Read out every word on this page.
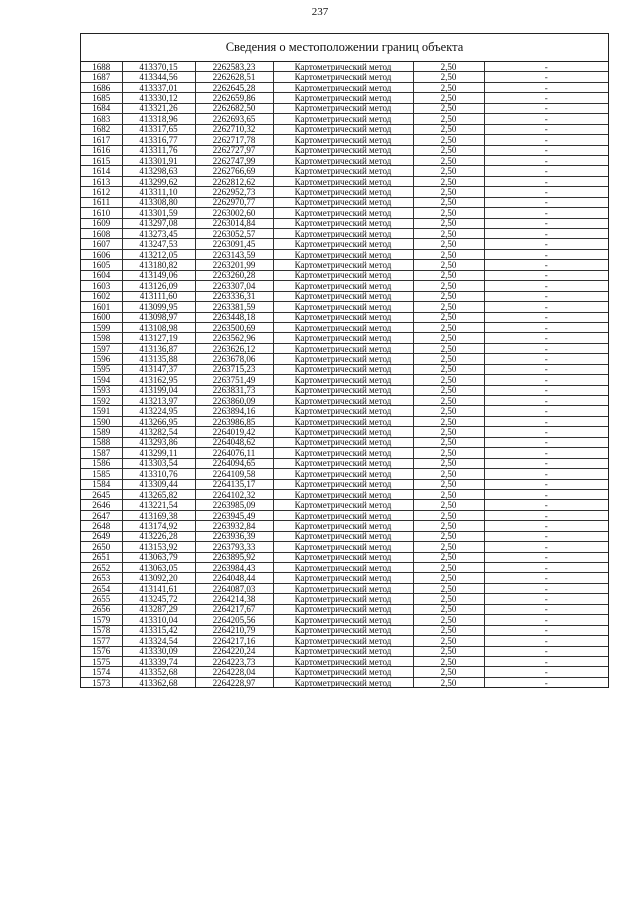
237
Сведения о местоположении границ объекта
1688	413370,15	2262583,23	Картометрический метод	2,50	-
1687	413344,56	2262628,51	Картометрический метод	2,50	-
1686	413337,01	2262645,28	Картометрический метод	2,50	-
1685	413330,12	2262659,86	Картометрический метод	2,50	-
1684	413321,26	2262682,50	Картометрический метод	2,50	-
1683	413318,96	2262693,65	Картометрический метод	2,50	-
1682	413317,65	2262710,32	Картометрический метод	2,50	-
1617	413316,77	2262717,78	Картометрический метод	2,50	-
1616	413311,76	2262727,97	Картометрический метод	2,50	-
1615	413301,91	2262747,99	Картометрический метод	2,50	-
1614	413298,63	2262766,69	Картометрический метод	2,50	-
1613	413299,62	2262812,62	Картометрический метод	2,50	-
1612	413311,10	2262952,73	Картометрический метод	2,50	-
1611	413308,80	2262970,77	Картометрический метод	2,50	-
1610	413301,59	2263002,60	Картометрический метод	2,50	-
1609	413297,08	2263014,84	Картометрический метод	2,50	-
1608	413273,45	2263052,57	Картометрический метод	2,50	-
1607	413247,53	2263091,45	Картометрический метод	2,50	-
1606	413212,05	2263143,59	Картометрический метод	2,50	-
1605	413180,82	2263201,99	Картометрический метод	2,50	-
1604	413149,06	2263260,28	Картометрический метод	2,50	-
1603	413126,09	2263307,04	Картометрический метод	2,50	-
1602	413111,60	2263336,31	Картометрический метод	2,50	-
1601	413099,95	2263381,59	Картометрический метод	2,50	-
1600	413098,97	2263448,18	Картометрический метод	2,50	-
1599	413108,98	2263500,69	Картометрический метод	2,50	-
1598	413127,19	2263562,96	Картометрический метод	2,50	-
1597	413136,87	2263626,12	Картометрический метод	2,50	-
1596	413135,88	2263678,06	Картометрический метод	2,50	-
1595	413147,37	2263715,23	Картометрический метод	2,50	-
1594	413162,95	2263751,49	Картометрический метод	2,50	-
1593	413199,04	2263831,73	Картометрический метод	2,50	-
1592	413213,97	2263860,09	Картометрический метод	2,50	-
1591	413224,95	2263894,16	Картометрический метод	2,50	-
1590	413266,95	2263986,85	Картометрический метод	2,50	-
1589	413282,54	2264019,42	Картометрический метод	2,50	-
1588	413293,86	2264048,62	Картометрический метод	2,50	-
1587	413299,11	2264076,11	Картометрический метод	2,50	-
1586	413303,54	2264094,65	Картометрический метод	2,50	-
1585	413310,76	2264109,58	Картометрический метод	2,50	-
1584	413309,44	2264135,17	Картометрический метод	2,50	-
2645	413265,82	2264102,32	Картометрический метод	2,50	-
2646	413221,54	2263985,09	Картометрический метод	2,50	-
2647	413169,38	2263945,49	Картометрический метод	2,50	-
2648	413174,92	2263932,84	Картометрический метод	2,50	-
2649	413226,28	2263936,39	Картометрический метод	2,50	-
2650	413153,92	2263793,33	Картометрический метод	2,50	-
2651	413063,79	2263895,92	Картометрический метод	2,50	-
2652	413063,05	2263984,43	Картометрический метод	2,50	-
2653	413092,20	2264048,44	Картометрический метод	2,50	-
2654	413141,61	2264087,03	Картометрический метод	2,50	-
2655	413245,72	2264214,38	Картометрический метод	2,50	-
2656	413287,29	2264217,67	Картометрический метод	2,50	-
1579	413310,04	2264205,56	Картометрический метод	2,50	-
1578	413315,42	2264210,79	Картометрический метод	2,50	-
1577	413324,54	2264217,16	Картометрический метод	2,50	-
1576	413330,09	2264220,24	Картометрический метод	2,50	-
1575	413339,74	2264223,73	Картометрический метод	2,50	-
1574	413352,68	2264228,04	Картометрический метод	2,50	-
1573	413362,68	2264228,97	Картометрический метод	2,50	-
